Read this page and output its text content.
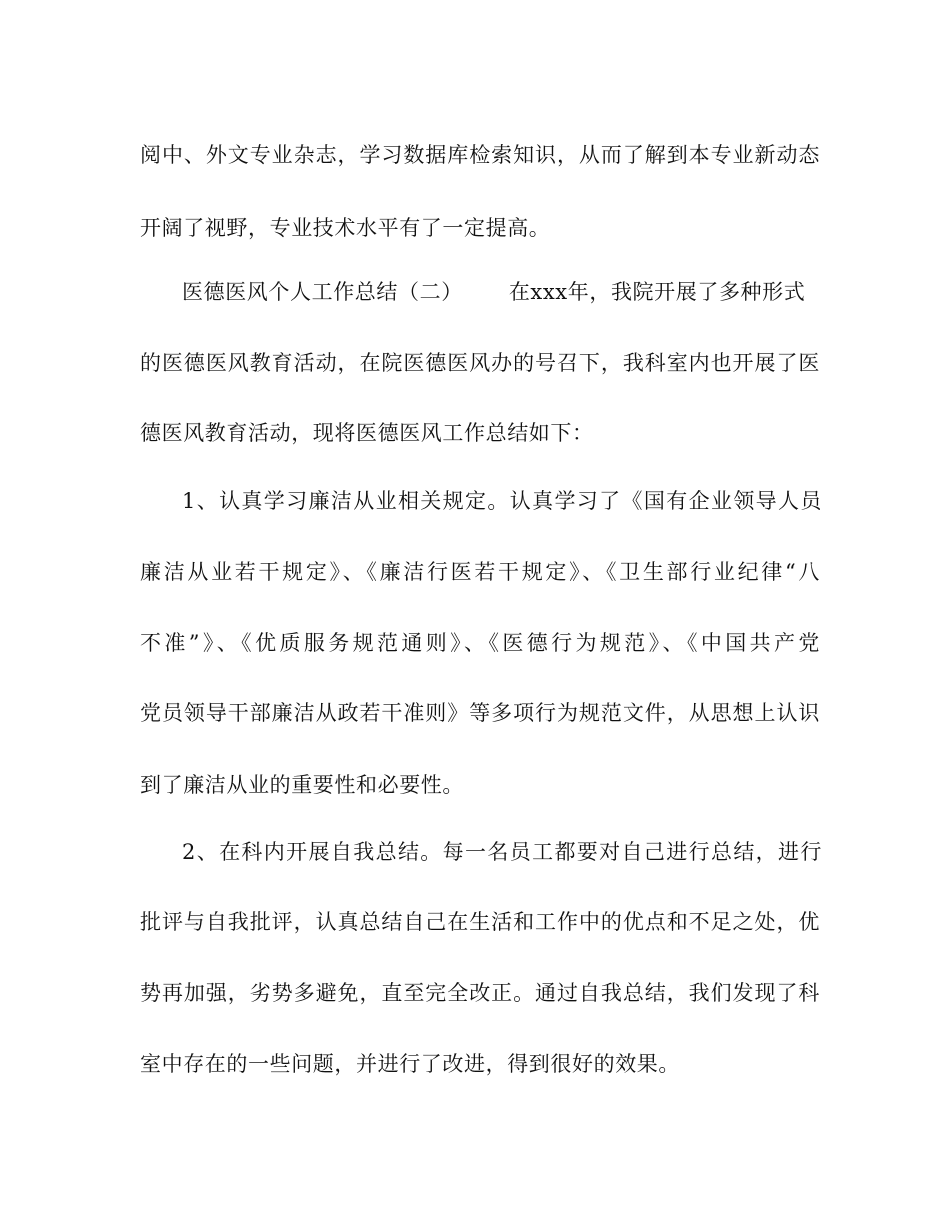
阅中、外文专业杂志，学习数据库检索知识，从而了解到本专业新动态
开阔了视野，专业技术水平有了一定提高。
医德医风个人工作总结（二） 在xxx年，我院开展了多种形式
的医德医风教育活动，在院医德医风办的号召下，我科室内也开展了医
德医风教育活动，现将医德医风工作总结如下：
1、认真学习廉洁从业相关规定。认真学习了《国有企业领导人员
廉洁从业若干规定》、《廉洁行医若干规定》、《卫生部行业纪律“八
不准”》、《优质服务规范通则》、《医德行为规范》、《中国共产党
党员领导干部廉洁从政若干准则》等多项行为规范文件，从思想上认识
到了廉洁从业的重要性和必要性。
2、在科内开展自我总结。每一名员工都要对自己进行总结，进行
批评与自我批评，认真总结自己在生活和工作中的优点和不足之处，优
势再加强，劣势多避免，直至完全改正。通过自我总结，我们发现了科
室中存在的一些问题，并进行了改进，得到很好的效果。
